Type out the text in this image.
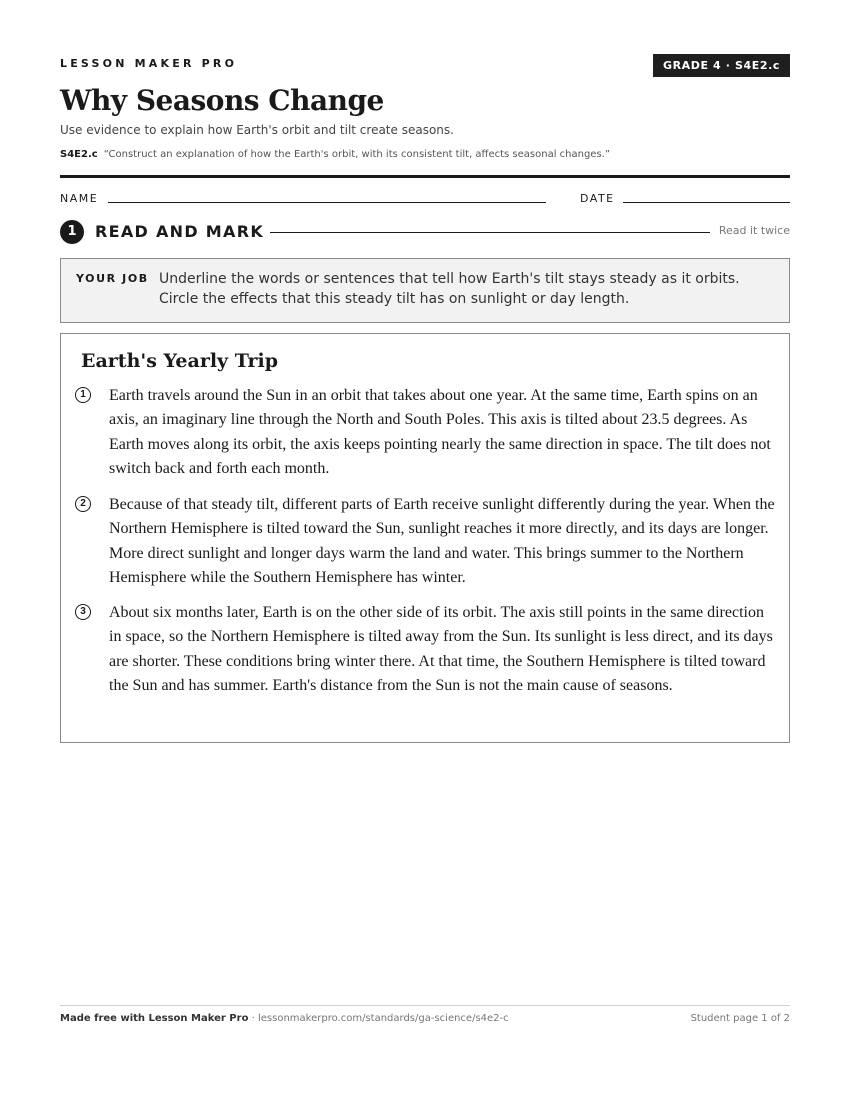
LESSON MAKER PRO	GRADE 4 · S4E2.c
Why Seasons Change
Use evidence to explain how Earth's orbit and tilt create seasons.
S4E2.c “Construct an explanation of how the Earth's orbit, with its consistent tilt, affects seasonal changes.”
NAME	DATE
1	READ AND MARK	Read it twice
YOUR JOB Underline the words or sentences that tell how Earth's tilt stays steady as it orbits. Circle the effects that this steady tilt has on sunlight or day length.
Earth's Yearly Trip
1	Earth travels around the Sun in an orbit that takes about one year. At the same time, Earth spins on an axis, an imaginary line through the North and South Poles. This axis is tilted about 23.5 degrees. As Earth moves along its orbit, the axis keeps pointing nearly the same direction in space. The tilt does not switch back and forth each month.
2	Because of that steady tilt, different parts of Earth receive sunlight differently during the year. When the Northern Hemisphere is tilted toward the Sun, sunlight reaches it more directly, and its days are longer. More direct sunlight and longer days warm the land and water. This brings summer to the Northern Hemisphere while the Southern Hemisphere has winter.
3	About six months later, Earth is on the other side of its orbit. The axis still points in the same direction in space, so the Northern Hemisphere is tilted away from the Sun. Its sunlight is less direct, and its days are shorter. These conditions bring winter there. At that time, the Southern Hemisphere is tilted toward the Sun and has summer. Earth's distance from the Sun is not the main cause of seasons.
Made free with Lesson Maker Pro · lessonmakerpro.com/standards/ga-science/s4e2-c	Student page 1 of 2
